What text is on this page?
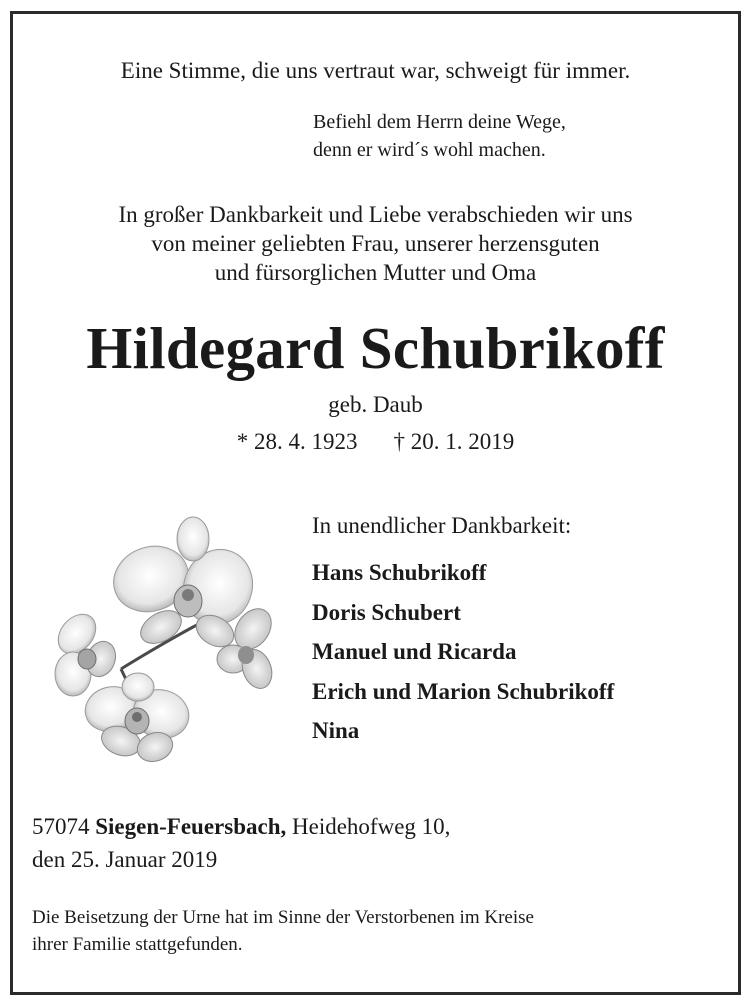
Eine Stimme, die uns vertraut war, schweigt für immer.
Befiehl dem Herrn deine Wege,
denn er wird´s wohl machen.
In großer Dankbarkeit und Liebe verabschieden wir uns
von meiner geliebten Frau, unserer herzensguten
und fürsorglichen Mutter und Oma
Hildegard Schubrikoff
geb. Daub
* 28. 4. 1923 † 20. 1. 2019
In unendlicher Dankbarkeit:
Hans Schubrikoff
Doris Schubert
Manuel und Ricarda
Erich und Marion Schubrikoff
Nina
57074 Siegen-Feuersbach, Heidehofweg 10,
den 25. Januar 2019
Die Beisetzung der Urne hat im Sinne der Verstorbenen im Kreise
ihrer Familie stattgefunden.
